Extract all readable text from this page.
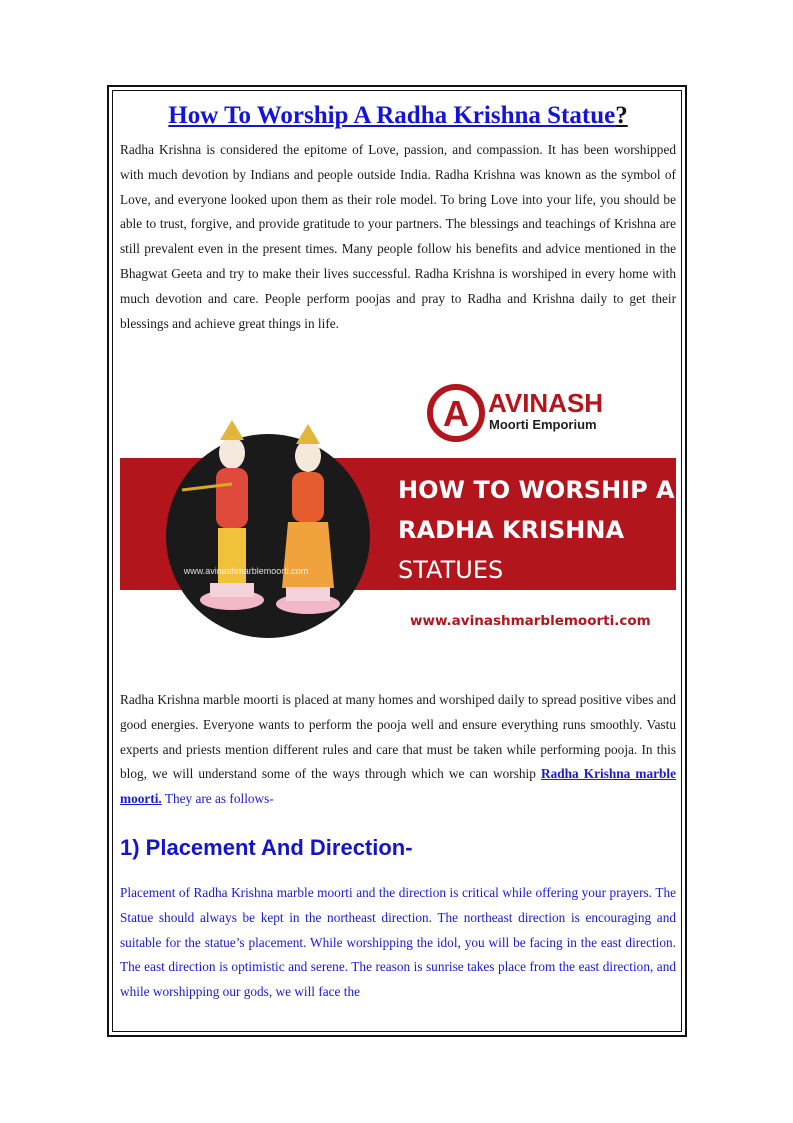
How To Worship A Radha Krishna Statue?

Radha Krishna is considered the epitome of Love, passion, and compassion. It has been worshipped with much devotion by Indians and people outside India. Radha Krishna was known as the symbol of Love, and everyone looked upon them as their role model. To bring Love into your life, you should be able to trust, forgive, and provide gratitude to your partners. The blessings and teachings of Krishna are still prevalent even in the present times. Many people follow his benefits and advice mentioned in the Bhagwat Geeta and try to make their lives successful. Radha Krishna is worshiped in every home with much devotion and care. People perform poojas and pray to Radha and Krishna daily to get their blessings and achieve great things in life.

A AVINASH
Moorti Emporium
www.avinashmarblemoorti.com
HOW TO WORSHIP A
RADHA KRISHNA
STATUES
www.avinashmarblemoorti.com

Radha Krishna marble moorti is placed at many homes and worshiped daily to spread positive vibes and good energies. Everyone wants to perform the pooja well and ensure everything runs smoothly. Vastu experts and priests mention different rules and care that must be taken while performing pooja. In this blog, we will understand some of the ways through which we can worship Radha Krishna marble moorti. They are as follows-

1) Placement And Direction-

Placement of Radha Krishna marble moorti and the direction is critical while offering your prayers. The Statue should always be kept in the northeast direction. The northeast direction is encouraging and suitable for the statue’s placement. While worshipping the idol, you will be facing in the east direction. The east direction is optimistic and serene. The reason is sunrise takes place from the east direction, and while worshipping our gods, we will face the
